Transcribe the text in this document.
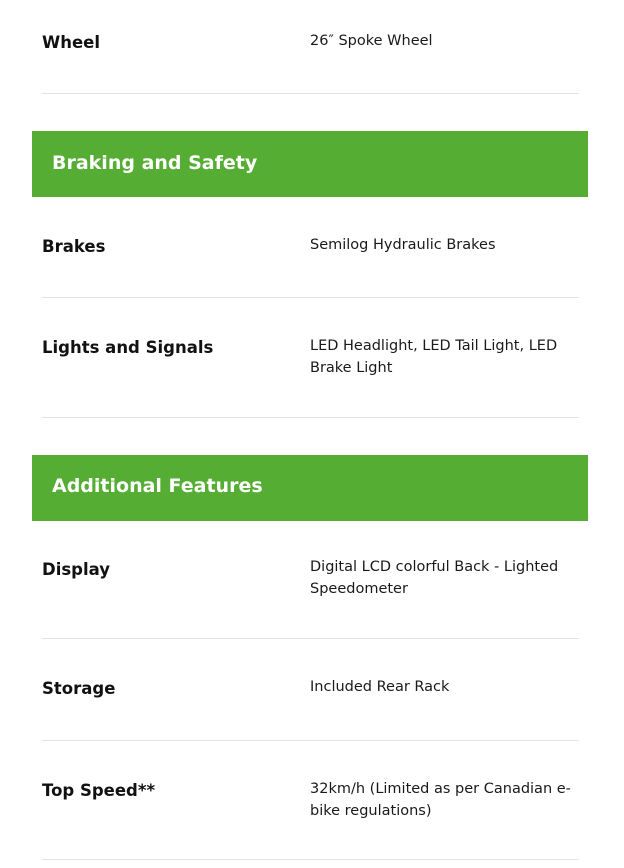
Wheel	26″ Spoke Wheel
Braking and Safety
Brakes	Semilog Hydraulic Brakes
Lights and Signals	LED Headlight, LED Tail Light, LED Brake Light
Additional Features
Display	Digital LCD colorful Back - Lighted Speedometer
Storage	Included Rear Rack
Top Speed**	32km/h (Limited as per Canadian e-bike regulations)
